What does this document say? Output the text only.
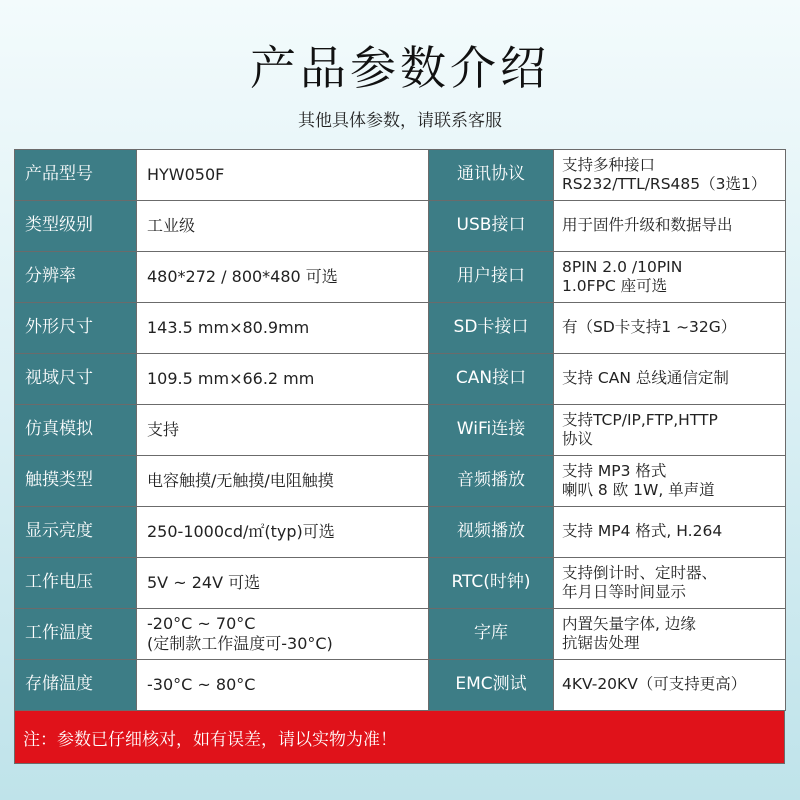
产品参数介绍
其他具体参数，请联系客服
产品型号	HYW050F	通讯协议	支持多种接口
RS232/TTL/RS485（3选1）

类型级别	工业级	USB接口	用于固件升级和数据导出

分辨率	480*272 / 800*480 可选	用户接口	8PIN 2.0 /10PIN
1.0FPC 座可选

外形尺寸	143.5 mm×80.9mm	SD卡接口	有（SD卡支持1 ~32G）

视域尺寸	109.5 mm×66.2 mm	CAN接口	支持 CAN 总线通信定制

仿真模拟	支持	WiFi连接	支持TCP/IP,FTP,HTTP
协议

触摸类型	电容触摸/无触摸/电阻触摸	音频播放	支持 MP3 格式
喇叭 8 欧 1W, 单声道

显示亮度	250-1000cd/㎡(typ)可选	视频播放	支持 MP4 格式, H.264

工作电压	5V ~ 24V 可选	RTC(时钟)	支持倒计时、定时器、
年月日等时间显示

工作温度	-20°C ~ 70°C
(定制款工作温度可-30°C)	字库	内置矢量字体, 边缘
抗锯齿处理

存储温度	-30°C ~ 80°C	EMC测试	4KV-20KV（可支持更高）
注：参数已仔细核对，如有误差，请以实物为准！
